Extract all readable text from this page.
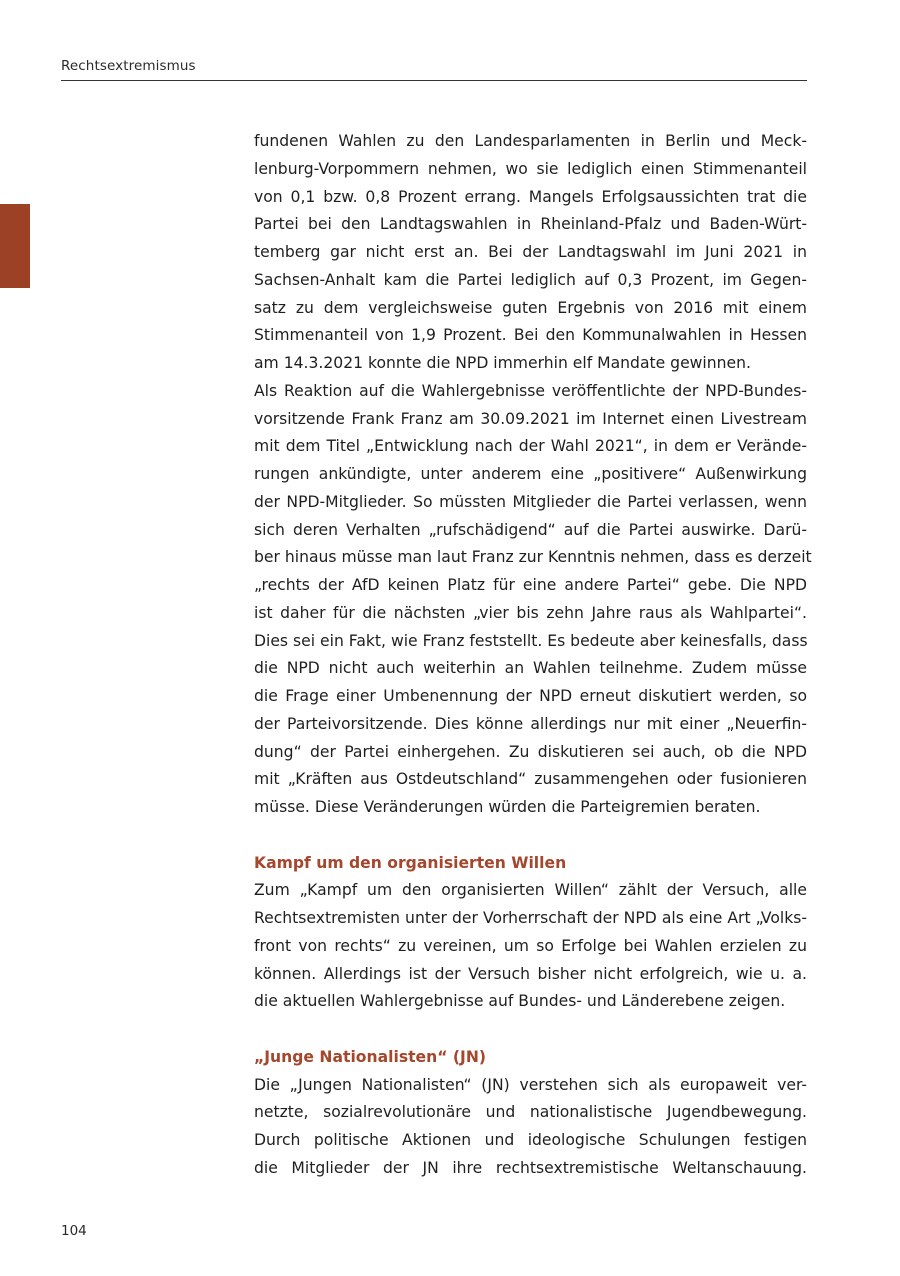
Rechtsextremismus

fundenen Wahlen zu den Landesparlamenten in Berlin und Meck-
lenburg-Vorpommern nehmen, wo sie lediglich einen Stimmenanteil
von 0,1 bzw. 0,8 Prozent errang. Mangels Erfolgsaussichten trat die
Partei bei den Landtagswahlen in Rheinland-Pfalz und Baden-Würt-
temberg gar nicht erst an. Bei der Landtagswahl im Juni 2021 in
Sachsen-Anhalt kam die Partei lediglich auf 0,3 Prozent, im Gegen-
satz zu dem vergleichsweise guten Ergebnis von 2016 mit einem
Stimmenanteil von 1,9 Prozent. Bei den Kommunalwahlen in Hessen
am 14.3.2021 konnte die NPD immerhin elf Mandate gewinnen.

Als Reaktion auf die Wahlergebnisse veröffentlichte der NPD-Bundes-
vorsitzende Frank Franz am 30.09.2021 im Internet einen Livestream
mit dem Titel „Entwicklung nach der Wahl 2021“, in dem er Verände-
rungen ankündigte, unter anderem eine „positivere“ Außenwirkung
der NPD-Mitglieder. So müssten Mitglieder die Partei verlassen, wenn
sich deren Verhalten „rufschädigend“ auf die Partei auswirke. Darü-
ber hinaus müsse man laut Franz zur Kenntnis nehmen, dass es derzeit
„rechts der AfD keinen Platz für eine andere Partei“ gebe. Die NPD
ist daher für die nächsten „vier bis zehn Jahre raus als Wahlpartei“.
Dies sei ein Fakt, wie Franz feststellt. Es bedeute aber keinesfalls, dass
die NPD nicht auch weiterhin an Wahlen teilnehme. Zudem müsse
die Frage einer Umbenennung der NPD erneut diskutiert werden, so
der Parteivorsitzende. Dies könne allerdings nur mit einer „Neuerfin-
dung“ der Partei einhergehen. Zu diskutieren sei auch, ob die NPD
mit „Kräften aus Ostdeutschland“ zusammengehen oder fusionieren
müsse. Diese Veränderungen würden die Parteigremien beraten.

Kampf um den organisierten Willen

Zum „Kampf um den organisierten Willen“ zählt der Versuch, alle
Rechtsextremisten unter der Vorherrschaft der NPD als eine Art „Volks-
front von rechts“ zu vereinen, um so Erfolge bei Wahlen erzielen zu
können. Allerdings ist der Versuch bisher nicht erfolgreich, wie u. a.
die aktuellen Wahlergebnisse auf Bundes- und Länderebene zeigen.

„Junge Nationalisten“ (JN)

Die „Jungen Nationalisten“ (JN) verstehen sich als europaweit ver-
netzte, sozialrevolutionäre und nationalistische Jugendbewegung.
Durch politische Aktionen und ideologische Schulungen festigen
die Mitglieder der JN ihre rechtsextremistische Weltanschauung.

104
